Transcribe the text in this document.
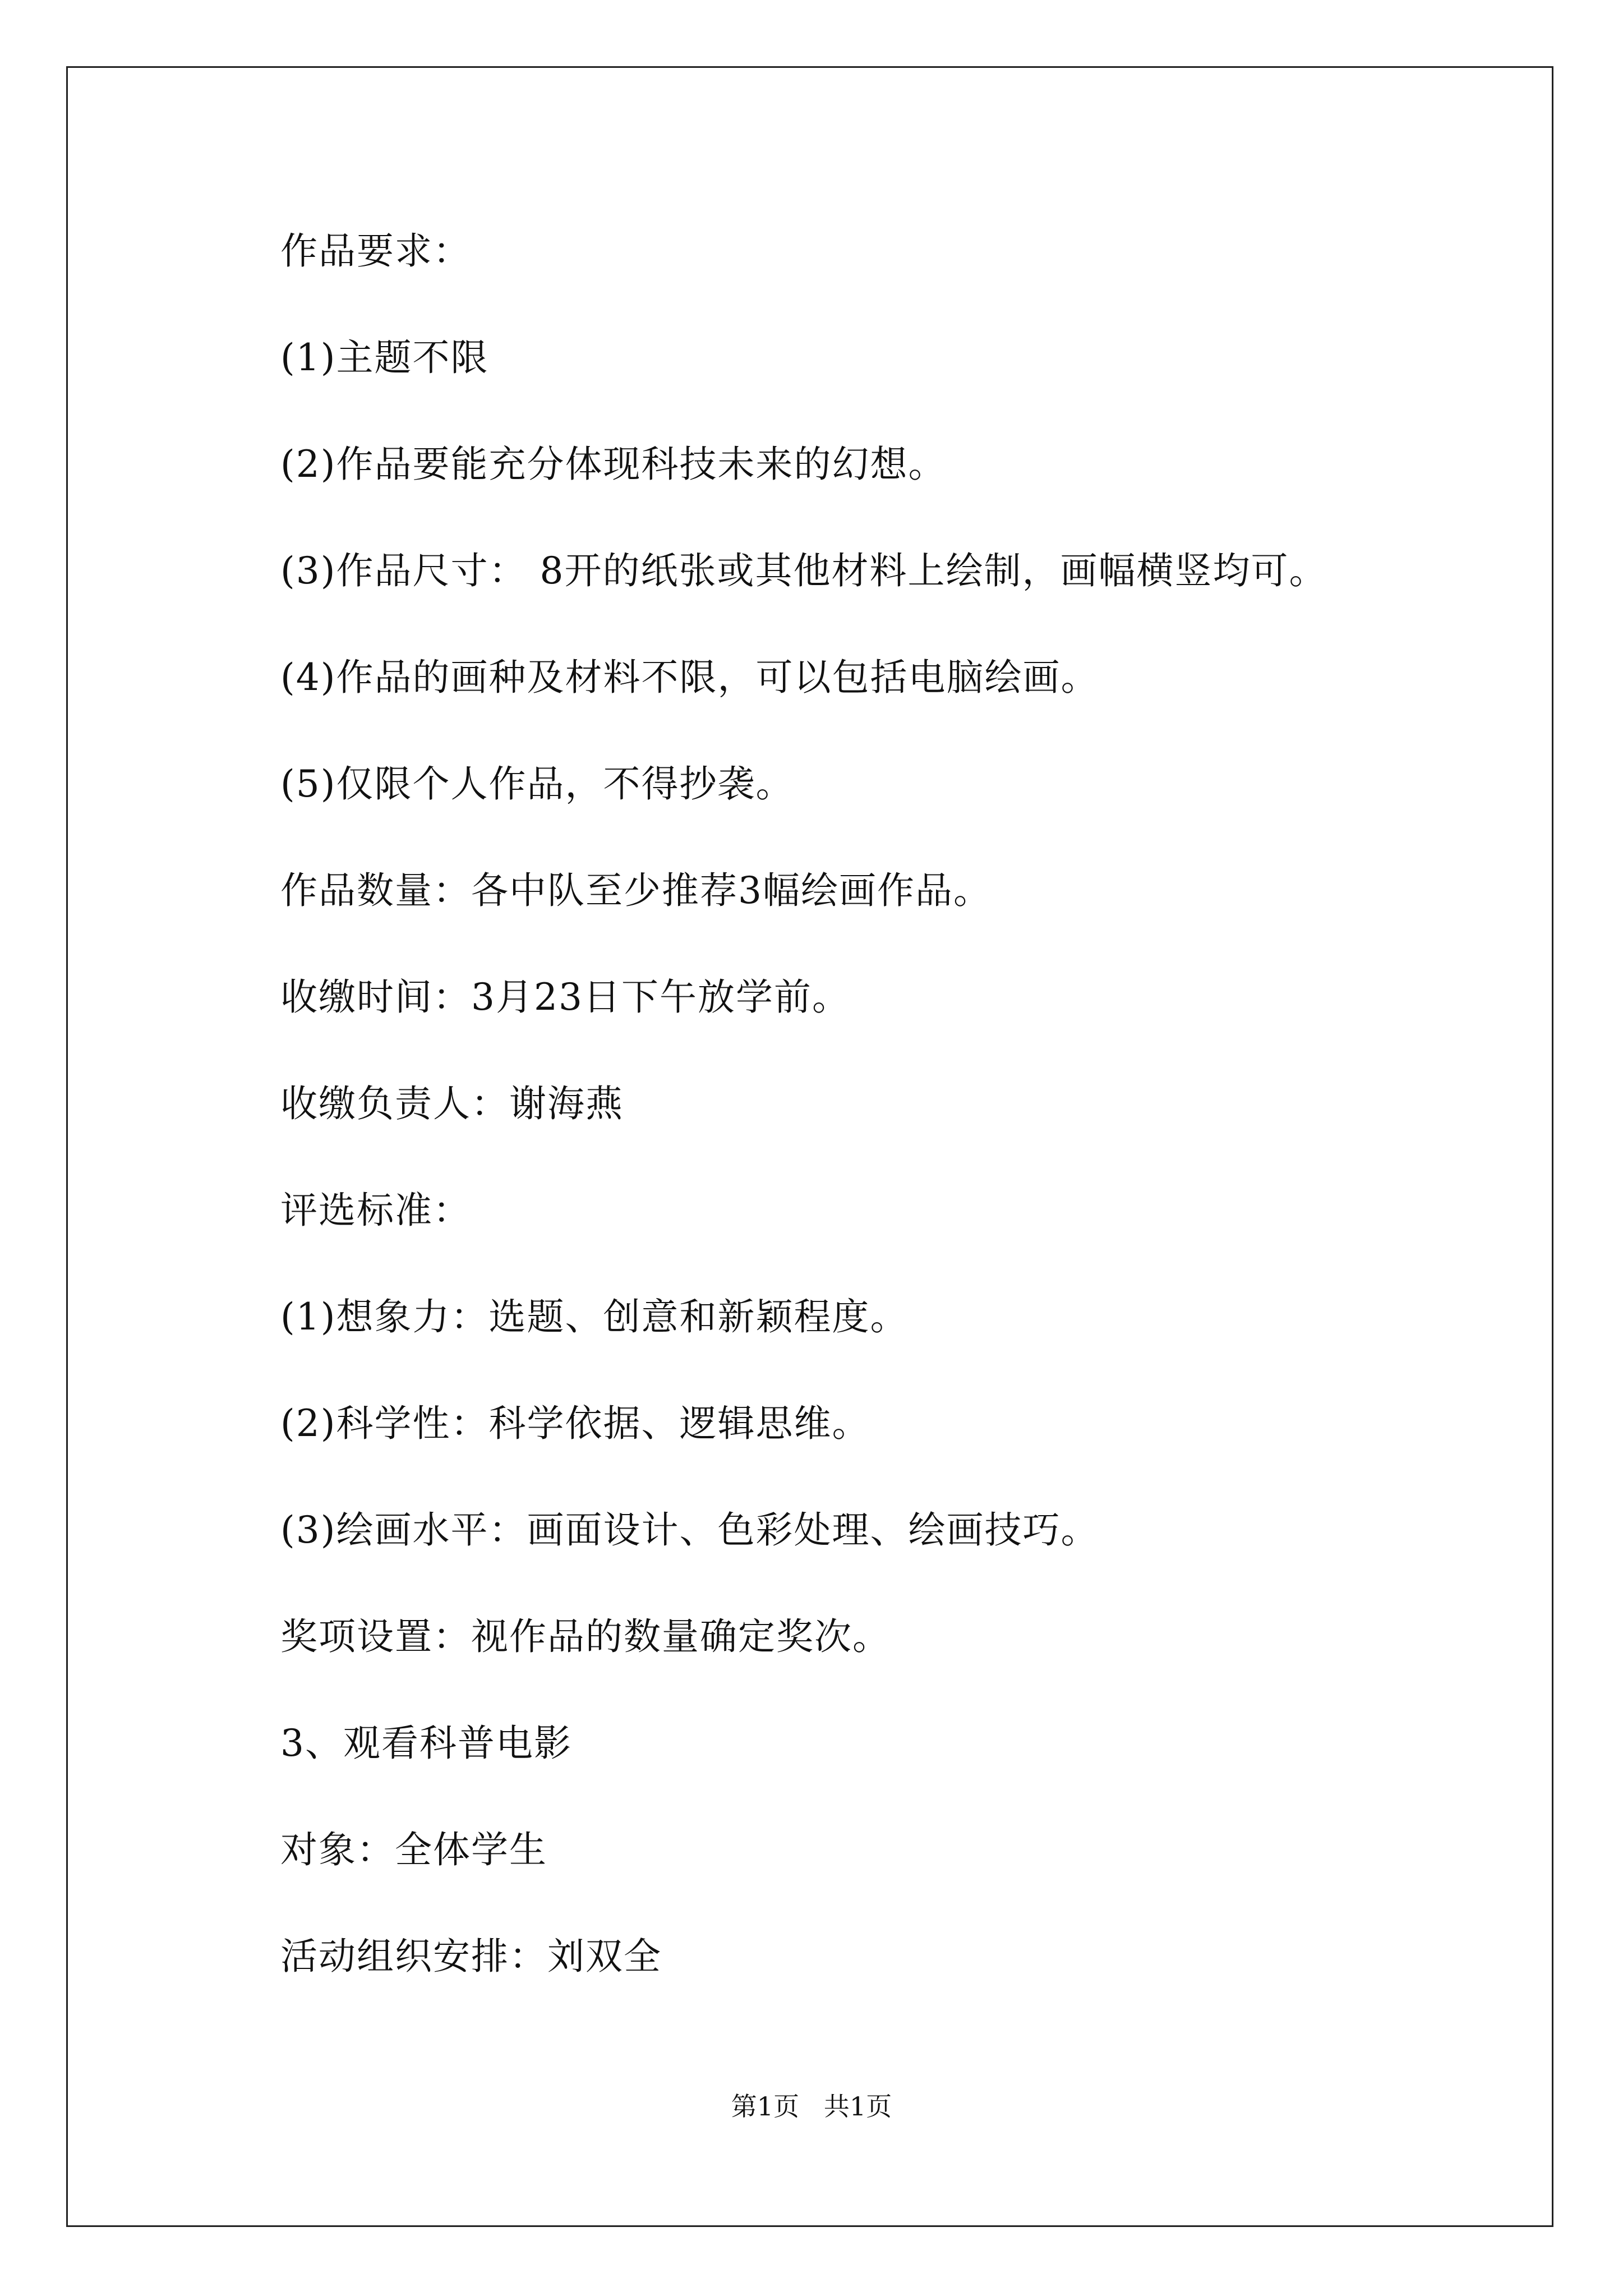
作品要求：
(1)主题不限
(2)作品要能充分体现科技未来的幻想。
(3)作品尺寸： 8开的纸张或其他材料上绘制，画幅横竖均可。
(4)作品的画种及材料不限，可以包括电脑绘画。
(5)仅限个人作品，不得抄袭。
作品数量：各中队至少推荐3幅绘画作品。
收缴时间：3月23日下午放学前。
收缴负责人：谢海燕
评选标准：
(1)想象力：选题、创意和新颖程度。
(2)科学性：科学依据、逻辑思维。
(3)绘画水平：画面设计、色彩处理、绘画技巧。
奖项设置：视作品的数量确定奖次。
3、观看科普电影
对象：全体学生
活动组织安排：刘双全
第1页   共1页
